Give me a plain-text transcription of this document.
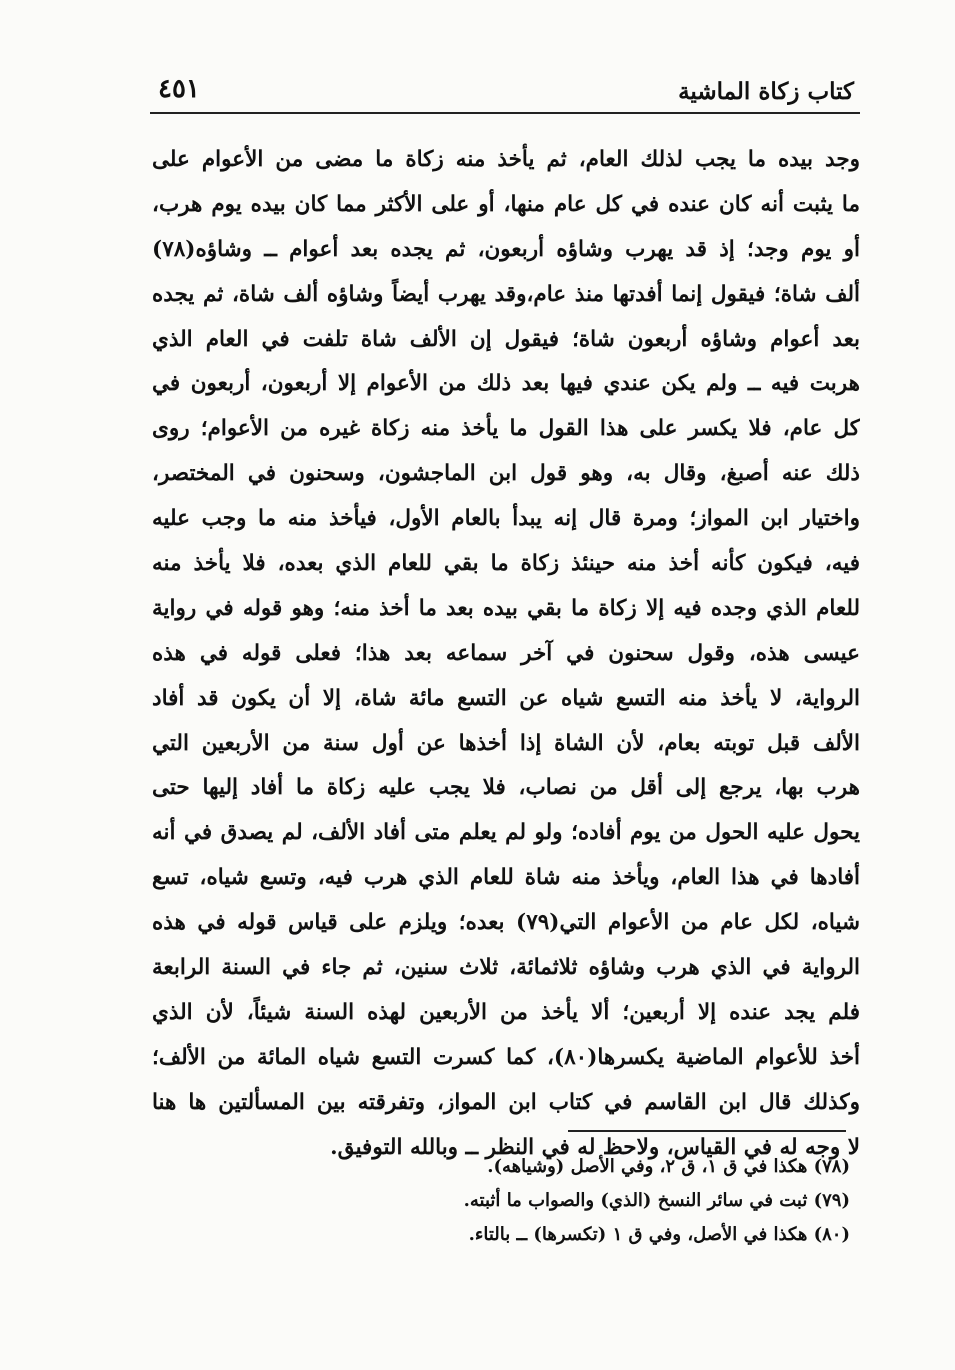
كتاب زكاة الماشية
٤٥١
وجد بيده ما يجب لذلك العام، ثم يأخذ منه زكاة ما مضى من الأعوام على
ما يثبت أنه كان عنده في كل عام منها، أو على الأكثر مما كان بيده يوم هرب،
أو يوم وجد؛ إذ قد يهرب وشاؤه أربعون، ثم يجده بعد أعوام ــ وشاؤه(٧٨)
ألف شاة؛ فيقول إنما أفدتها منذ عام،وقد يهرب أيضاً وشاؤه ألف شاة، ثم يجده
بعد أعوام وشاؤه أربعون شاة؛ فيقول إن الألف شاة تلفت في العام الذي
هربت فيه ــ ولم يكن عندي فيها بعد ذلك من الأعوام إلا أربعون، أربعون في
كل عام، فلا يكسر على هذا القول ما يأخذ منه زكاة غيره من الأعوام؛ روى
ذلك عنه أصبغ، وقال به، وهو قول ابن الماجشون، وسحنون في المختصر،
واختيار ابن المواز؛ ومرة قال إنه يبدأ بالعام الأول، فيأخذ منه ما وجب عليه
فيه، فيكون كأنه أخذ منه حينئذ زكاة ما بقي للعام الذي بعده، فلا يأخذ منه
للعام الذي وجده فيه إلا زكاة ما بقي بيده بعد ما أخذ منه؛ وهو قوله في رواية
عيسى هذه، وقول سحنون في آخر سماعه بعد هذا؛ فعلى قوله في هذه
الرواية، لا يأخذ منه التسع شياه عن التسع مائة شاة، إلا أن يكون قد أفاد
الألف قبل توبته بعام، لأن الشاة إذا أخذها عن أول سنة من الأربعين التي
هرب بها، يرجع إلى أقل من نصاب، فلا يجب عليه زكاة ما أفاد إليها حتى
يحول عليه الحول من يوم أفاده؛ ولو لم يعلم متى أفاد الألف، لم يصدق في أنه
أفادها في هذا العام، ويأخذ منه شاة للعام الذي هرب فيه، وتسع شياه، تسع
شياه، لكل عام من الأعوام التي(٧٩) بعده؛ ويلزم على قياس قوله في هذه
الرواية في الذي هرب وشاؤه ثلاثمائة، ثلاث سنين، ثم جاء في السنة الرابعة
فلم يجد عنده إلا أربعين؛ ألا يأخذ من الأربعين لهذه السنة شيئاً، لأن الذي
أخذ للأعوام الماضية يكسرها(٨٠)، كما كسرت التسع شياه المائة من الألف؛
وكذلك قال ابن القاسم في كتاب ابن المواز، وتفرقته بين المسألتين ها هنا
لا وجه له في القياس، ولاحظ له في النظر ــ وبالله التوفيق.
(٧٨) هكذا في ق ١، ق ٢، وفي الأصل (وشياهه).
(٧٩) ثبت في سائر النسخ (الذي) والصواب ما أثبته.
(٨٠) هكذا في الأصل، وفي ق ١ (تكسرها) ــ بالتاء.
